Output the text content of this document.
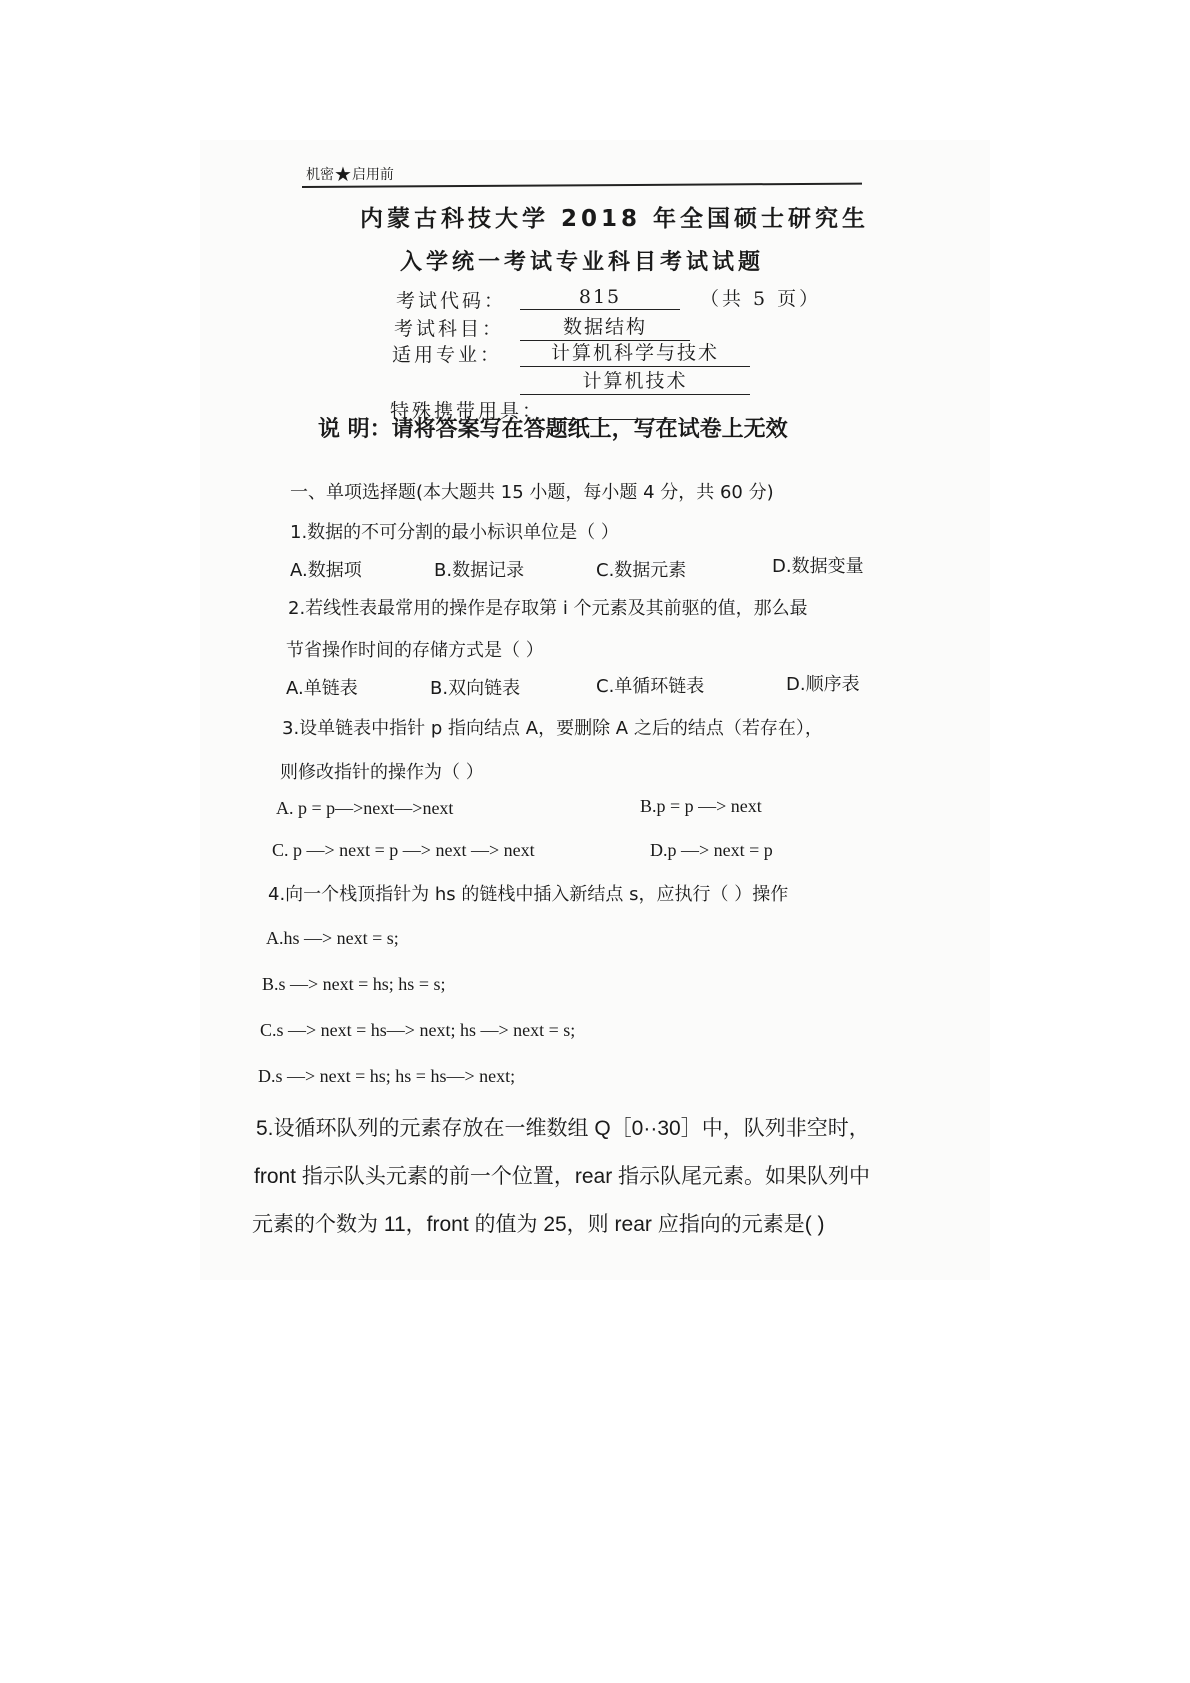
机密★启用前
内蒙古科技大学 2018 年全国硕士研究生
入学统一考试专业科目考试试题
考试代码：	815	（共 5 页）
考试科目：	数据结构
适用专业：	计算机科学与技术
计算机技术
特殊携带用具：
说 明：请将答案写在答题纸上，写在试卷上无效
一、单项选择题(本大题共 15 小题，每小题 4 分，共 60 分)
1.数据的不可分割的最小标识单位是（ ）
A.数据项	B.数据记录	C.数据元素	D.数据变量
2.若线性表最常用的操作是存取第 i 个元素及其前驱的值，那么最
节省操作时间的存储方式是（ ）
A.单链表	B.双向链表	C.单循环链表	D.顺序表
3.设单链表中指针 p 指向结点 A，要删除 A 之后的结点（若存在），
则修改指针的操作为（ ）
A. p = p—>next—>next	B.p = p —> next
C. p —> next = p —> next —> next	D.p —> next = p
4.向一个栈顶指针为 hs 的链栈中插入新结点 s，应执行（ ）操作
A.hs —> next = s;
B.s —> next = hs; hs = s;
C.s —> next = hs—> next; hs —> next = s;
D.s —> next = hs; hs = hs—> next;
5.设循环队列的元素存放在一维数组 Q［0··30］中，队列非空时，
front 指示队头元素的前一个位置，rear 指示队尾元素。如果队列中
元素的个数为 11，front 的值为 25，则 rear 应指向的元素是( )
